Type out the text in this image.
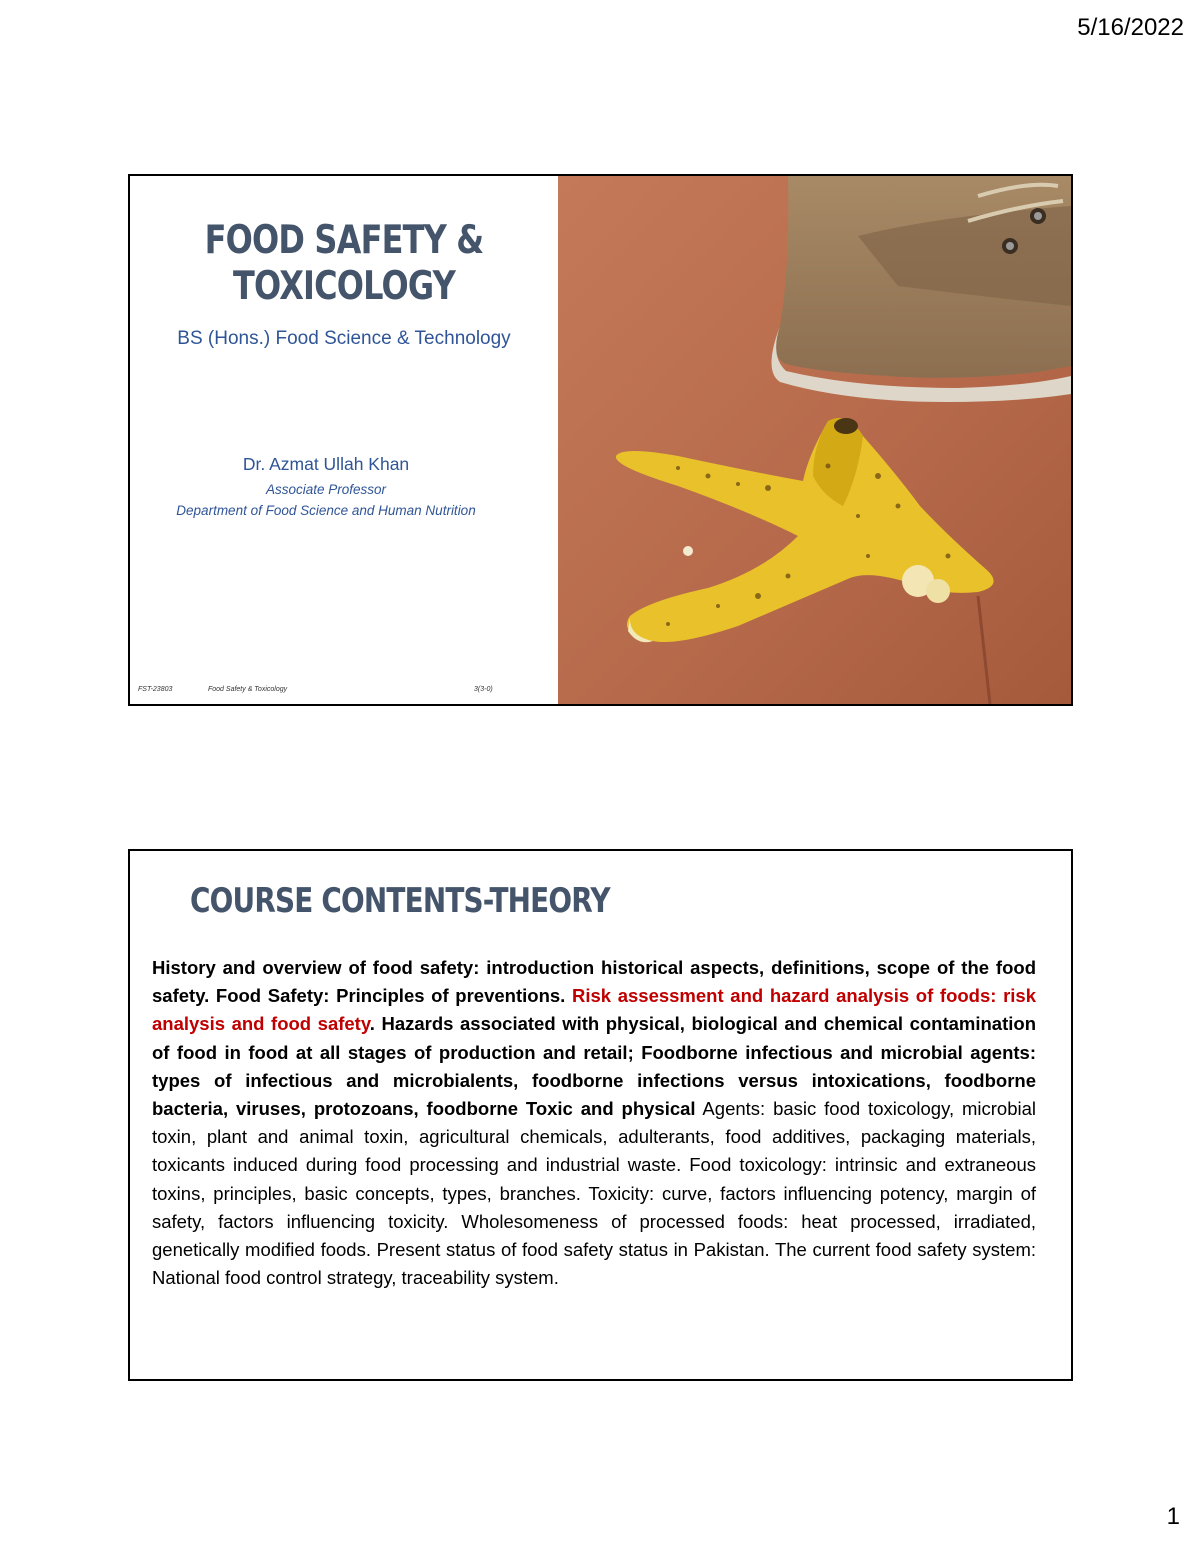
5/16/2022
FOOD SAFETY &
TOXICOLOGY
BS (Hons.) Food Science & Technology
Dr. Azmat Ullah Khan
Associate Professor
Department of Food Science and Human Nutrition
FST-23803	Food Safety & Toxicology	3(3-0)
COURSE CONTENTS-THEORY
History and overview of food safety: introduction historical aspects, definitions, scope of the food safety. Food Safety: Principles of preventions. Risk assessment and hazard analysis of foods: risk analysis and food safety. Hazards associated with physical, biological and chemical contamination of food in food at all stages of production and retail; Foodborne infectious and microbial agents: types of infectious and microbialents, foodborne infections versus intoxications, foodborne bacteria, viruses, protozoans, foodborne Toxic and physical Agents: basic food toxicology, microbial toxin, plant and animal toxin, agricultural chemicals, adulterants, food additives, packaging materials, toxicants induced during food processing and industrial waste. Food toxicology: intrinsic and extraneous toxins, principles, basic concepts, types, branches. Toxicity: curve, factors influencing potency, margin of safety, factors influencing toxicity. Wholesomeness of processed foods: heat processed, irradiated, genetically modified foods. Present status of food safety status in Pakistan. The current food safety system: National food control strategy, traceability system.
1
